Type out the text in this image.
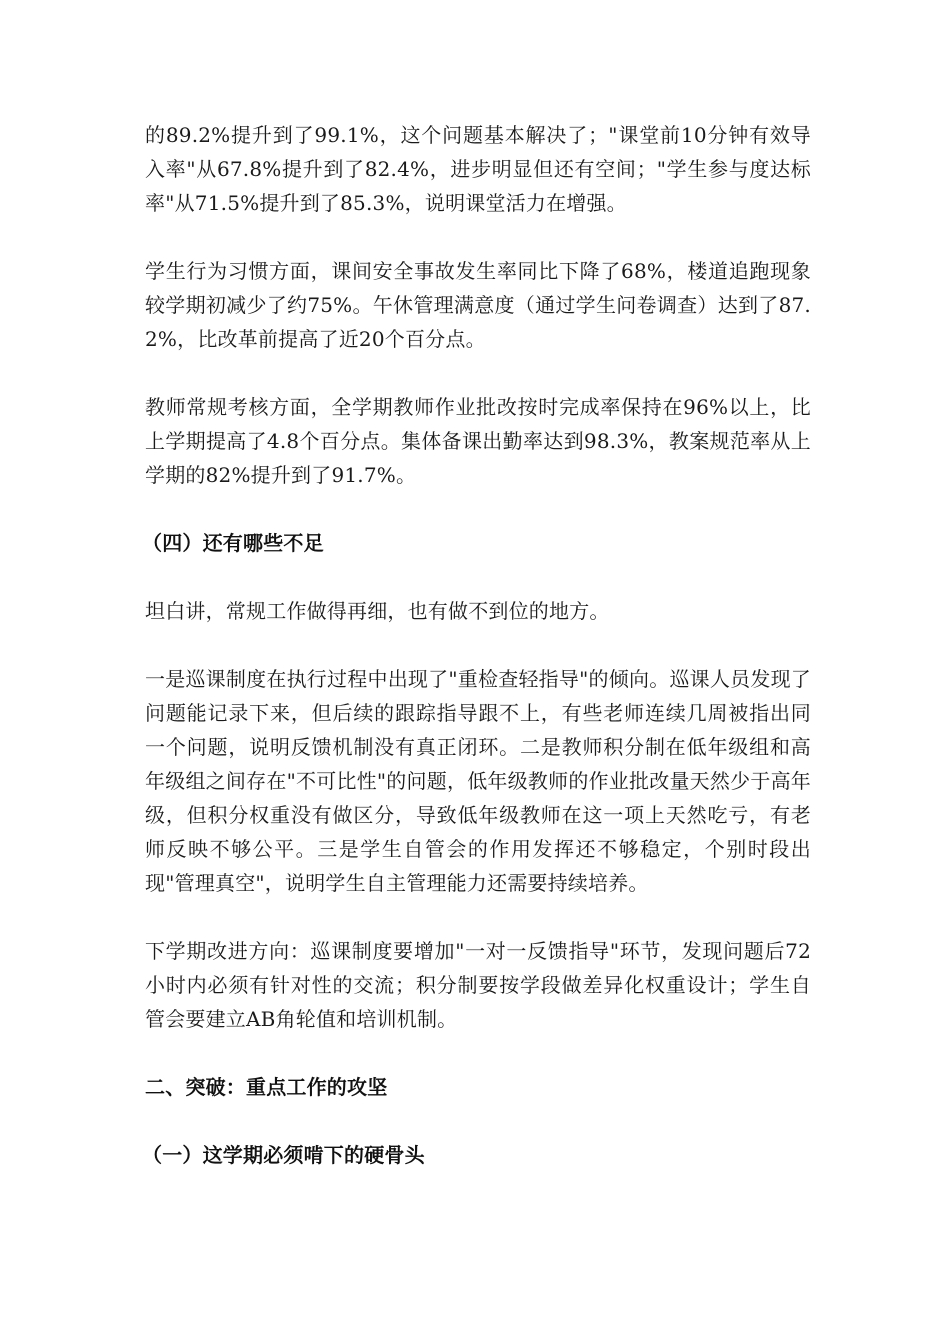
的89.2%提升到了99.1%，这个问题基本解决了；"课堂前10分钟有效导入率"从67.8%提升到了82.4%，进步明显但还有空间；"学生参与度达标率"从71.5%提升到了85.3%，说明课堂活力在增强。

学生行为习惯方面，课间安全事故发生率同比下降了68%，楼道追跑现象较学期初减少了约75%。午休管理满意度（通过学生问卷调查）达到了87.2%，比改革前提高了近20个百分点。

教师常规考核方面，全学期教师作业批改按时完成率保持在96%以上，比上学期提高了4.8个百分点。集体备课出勤率达到98.3%，教案规范率从上学期的82%提升到了91.7%。

（四）还有哪些不足

坦白讲，常规工作做得再细，也有做不到位的地方。

一是巡课制度在执行过程中出现了"重检查轻指导"的倾向。巡课人员发现了问题能记录下来，但后续的跟踪指导跟不上，有些老师连续几周被指出同一个问题，说明反馈机制没有真正闭环。二是教师积分制在低年级组和高年级组之间存在"不可比性"的问题，低年级教师的作业批改量天然少于高年级，但积分权重没有做区分，导致低年级教师在这一项上天然吃亏，有老师反映不够公平。三是学生自管会的作用发挥还不够稳定，个别时段出现"管理真空"，说明学生自主管理能力还需要持续培养。

下学期改进方向：巡课制度要增加"一对一反馈指导"环节，发现问题后72小时内必须有针对性的交流；积分制要按学段做差异化权重设计；学生自管会要建立AB角轮值和培训机制。

二、突破：重点工作的攻坚
（一）这学期必须啃下的硬骨头
